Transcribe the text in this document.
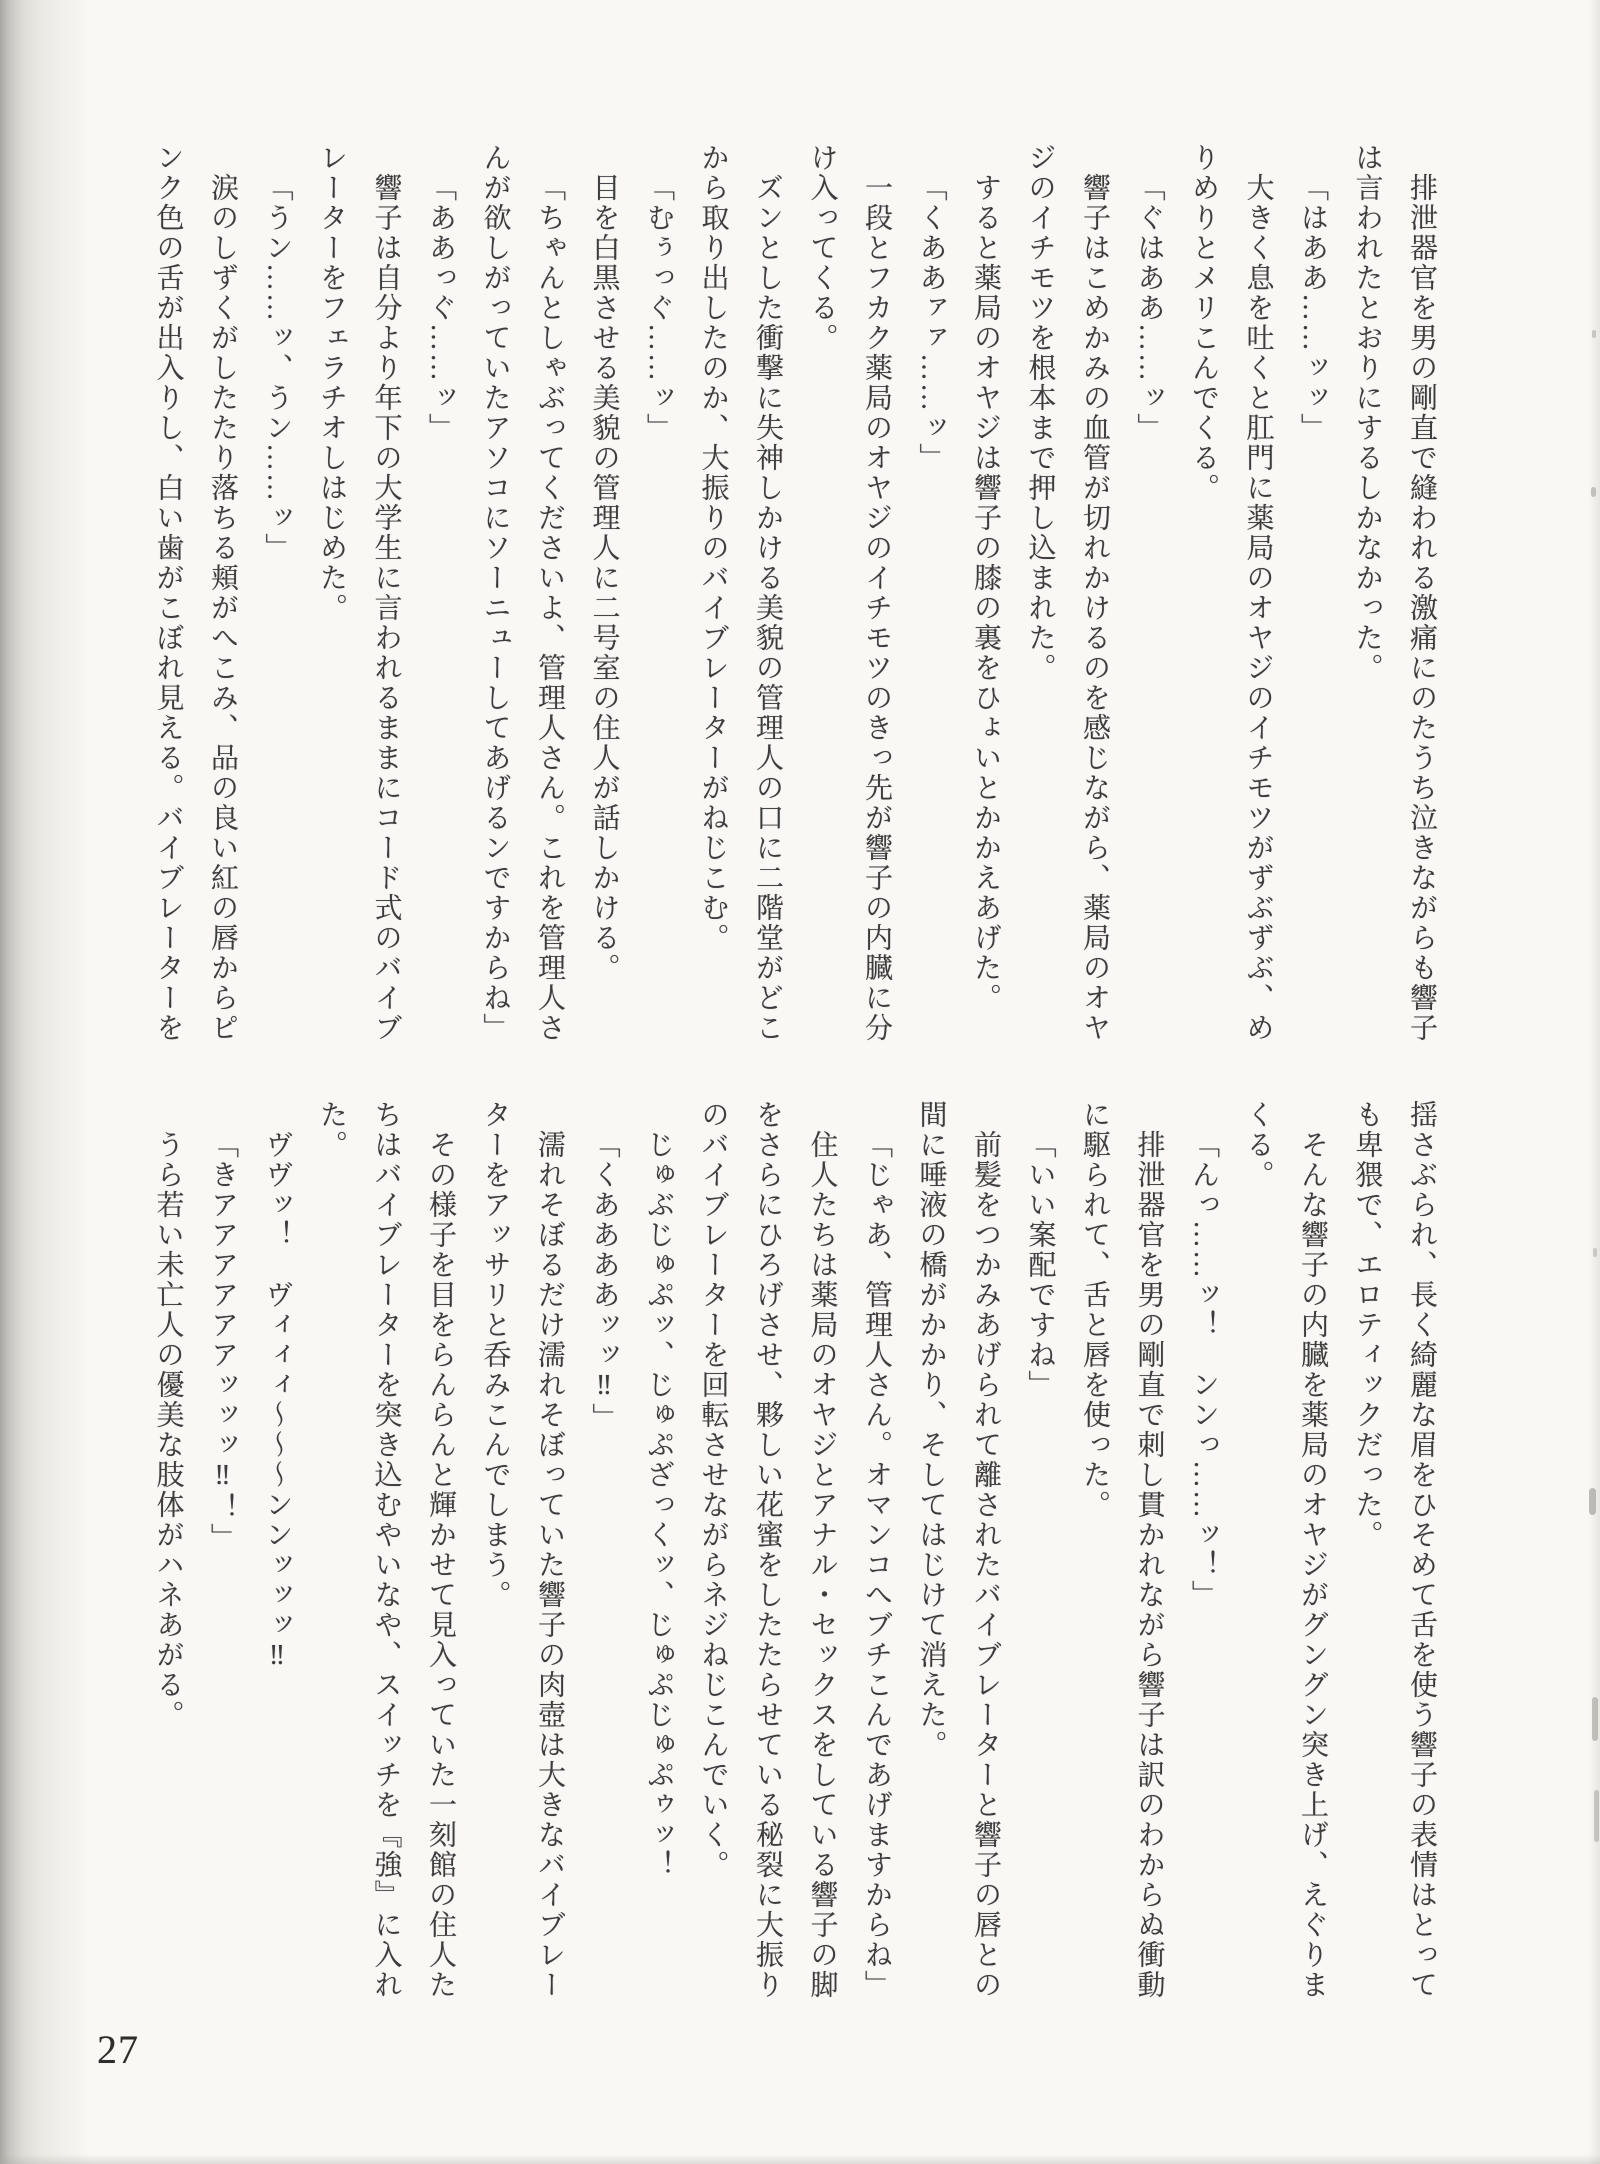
排泄器官を男の剛直で縫われる激痛にのたうち泣きながらも響子
は言われたとおりにするしかなかった。
「はああ……ッッ」
大きく息を吐くと肛門に薬局のオヤジのイチモツがずぶずぶ、め
りめりとメリこんでくる。
「ぐはああ……ッ」
響子はこめかみの血管が切れかけるのを感じながら、薬局のオヤ
ジのイチモツを根本まで押し込まれた。
すると薬局のオヤジは響子の膝の裏をひょいとかかえあげた。
「くああァァ……ッ」
一段とフカク薬局のオヤジのイチモツのきっ先が響子の内臓に分
け入ってくる。
ズンとした衝撃に失神しかける美貌の管理人の口に二階堂がどこ
から取り出したのか、大振りのバイブレーターがねじこむ。
「むぅっぐ……ッ」
目を白黒させる美貌の管理人に二号室の住人が話しかける。
「ちゃんとしゃぶってくださいよ、管理人さん。これを管理人さ
んが欲しがっていたアソコにソーニューしてあげるンですからね」
「ああっぐ……ッ」
響子は自分より年下の大学生に言われるままにコード式のバイブ
レーターをフェラチオしはじめた。
「うン……ッ、うン……ッ」
涙のしずくがしたたり落ちる頬がへこみ、品の良い紅の唇からピ
ンク色の舌が出入りし、白い歯がこぼれ見える。バイブレーターを
揺さぶられ、長く綺麗な眉をひそめて舌を使う響子の表情はとって
も卑猥で、エロティックだった。
そんな響子の内臓を薬局のオヤジがグングン突き上げ、えぐりま
くる。
「んっ……ッ！　ンンっ……ッ！」
排泄器官を男の剛直で刺し貫かれながら響子は訳のわからぬ衝動
に駆られて、舌と唇を使った。
「いい案配ですね」
前髪をつかみあげられて離されたバイブレーターと響子の唇との
間に唾液の橋がかかり、そしてはじけて消えた。
「じゃあ、管理人さん。オマンコへブチこんであげますからね」
住人たちは薬局のオヤジとアナル・セックスをしている響子の脚
をさらにひろげさせ、夥しい花蜜をしたたらせている秘裂に大振り
のバイブレーターを回転させながらネジねじこんでいく。
じゅぶじゅぷッ、じゅぷざっくッ、じゅぷじゅぷゥッ！
「くああああッッ‼」
濡れそぼるだけ濡れそぼっていた響子の肉壺は大きなバイブレー
ターをアッサリと呑みこんでしまう。
その様子を目をらんらんと輝かせて見入っていた一刻館の住人た
ちはバイブレーターを突き込むやいなや、スイッチを『強』に入れ
た。
ヴヴッ！　ヴィィィ〜〜〜ンンッッッ‼
「きアアアアアアッッッ‼！」
うら若い未亡人の優美な肢体がハネあがる。
27
